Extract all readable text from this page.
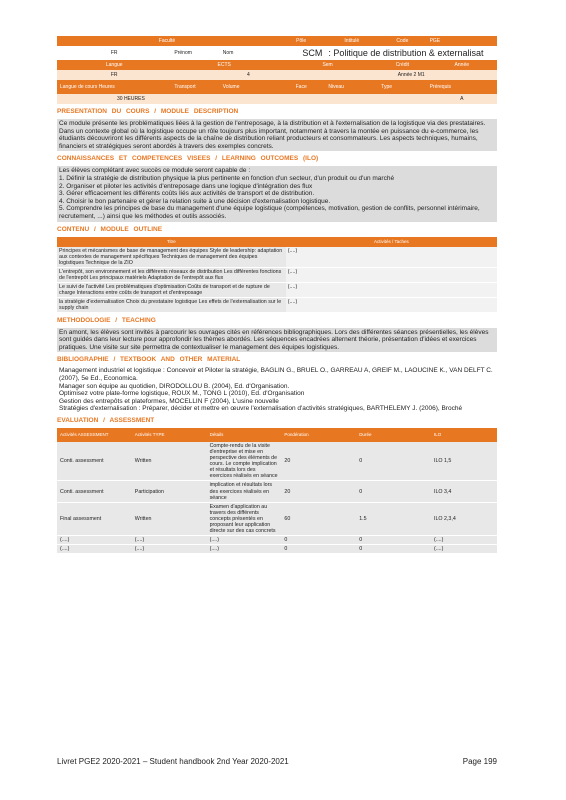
Faculté			Pôle	Intitulé	Code	PGE
FR	Prénom	Nom	SCM	: Politique de distribution & externalisat		
Langue	ECTS		Sem		Crédit	Année
FR	4			Année 2 M1		
Langue de cours Heures	Transport	Volume	Face	Niveau	Type	Prérequis
30 HEURES						A
PRESENTATION DU COURS / MODULE DESCRIPTION
Ce module présente les problématiques liées à la gestion de l'entreposage, à la distribution et à l'externalisation de la logistique via des prestataires. Dans un contexte global où la logistique occupe un rôle toujours plus important, notamment à travers la montée en puissance du e-commerce, les étudiants découvriront les différents aspects de la chaîne de distribution reliant producteurs et consommateurs. Les aspects techniques, humains, financiers et stratégiques seront abordés à travers des exemples concrets.
CONNAISSANCES ET COMPETENCES VISEES / LEARNING OUTCOMES (ILO)
Les élèves complétant avec succès ce module seront capable de :
1. Définir la stratégie de distribution physique la plus pertinente en fonction d'un secteur, d'un produit ou d'un marché
2. Organiser et piloter les activités d'entreposage dans une logique d'intégration des flux
3. Gérer efficacement les différents coûts liés aux activités de transport et de distribution.
4. Choisir le bon partenaire et gérer la relation suite à une décision d'externalisation logistique.
5. Comprendre les principes de base du management d'une équipe logistique (compétences, motivation, gestion de conflits, personnel intérimaire, recrutement, ...) ainsi que les méthodes et outils associés.
CONTENU / MODULE OUTLINE
Titre	Activités / Taches
Principes et mécanismes de base de management des équipes Style de leadership: adaptation aux contextes de management spécifiques Techniques de management des équipes logistiques Technique de la ZIO	(....)
L'entrepôt, son environnement et les différents réseaux de distribution Les différentes fonctions de l'entrepôt Les principaux matériels Adaptation de l'entrepôt aux flux	(....)
Le suivi de l'activité Les problématiques d'optimisation Coûts de transport et de rupture de charge Interactions entre coûts de transport et d'entreposage	(....)
la stratégie d'externalisation Choix du prestataire logistique Les effets de l'externalisation sur le supply chain	(....)
METHODOLOGIE / TEACHING
En amont, les élèves sont invités à parcourir les ouvrages cités en références bibliographiques. Lors des différentes séances présentielles, les élèves sont guidés dans leur lecture pour approfondir les thèmes abordés. Les séquences encadrées alternent théorie, présentation d'idées et exercices pratiques. Une visite sur site permettra de contextualiser le management des équipes logistiques.
BIBLIOGRAPHIE / TEXTBOOK AND OTHER MATERIAL
Management industriel et logistique : Concevoir et Piloter la stratégie, BAGLIN G., BRUEL O., GARREAU A, GREIF M., LAOUCINE K., VAN DELFT C. (2007), 5e Ed., Economica.
Manager son équipe au quotidien, DIRODOLLOU B. (2004), Ed. d'Organisation.
Optimisez votre plate-forme logistique, ROUX M., TONG L (2010), Ed. d'Organisation
Gestion des entrepôts et plateformes, MOCELLIN F (2004), L'usine nouvelle
Stratégies d'externalisation : Préparer, décider et mettre en œuvre l'externalisation d'activités stratégiques, BARTHELEMY J. (2006), Broché
EVALUATION / ASSESSMENT
Activités ASSESSMENT	Activités TYPE	Détails	Pondération	Durée	ILO
Conti. assessment	Written	Compte-rendu de la visite d'entreprise et mise en perspective des éléments de cours. Le compte implication et résultats lors des exercices réalisés en séance	20	0	ILO 1,5
Conti. assessment	Participation	implication et résultats lors des exercices réalisés en séance	20	0	ILO 3,4
Final assessment	Written	Examen d'application au travers des différents concepts présentés en proposant leur application directe sur des cas concrets	60	1.5	ILO 2,3,4
(....)	(....)	(....)	0	0	(....)
(....)	(....)	(....)	0	0	(....)
Livret PGE2 2020-2021 – Student handbook 2nd Year 2020-2021	Page 199
